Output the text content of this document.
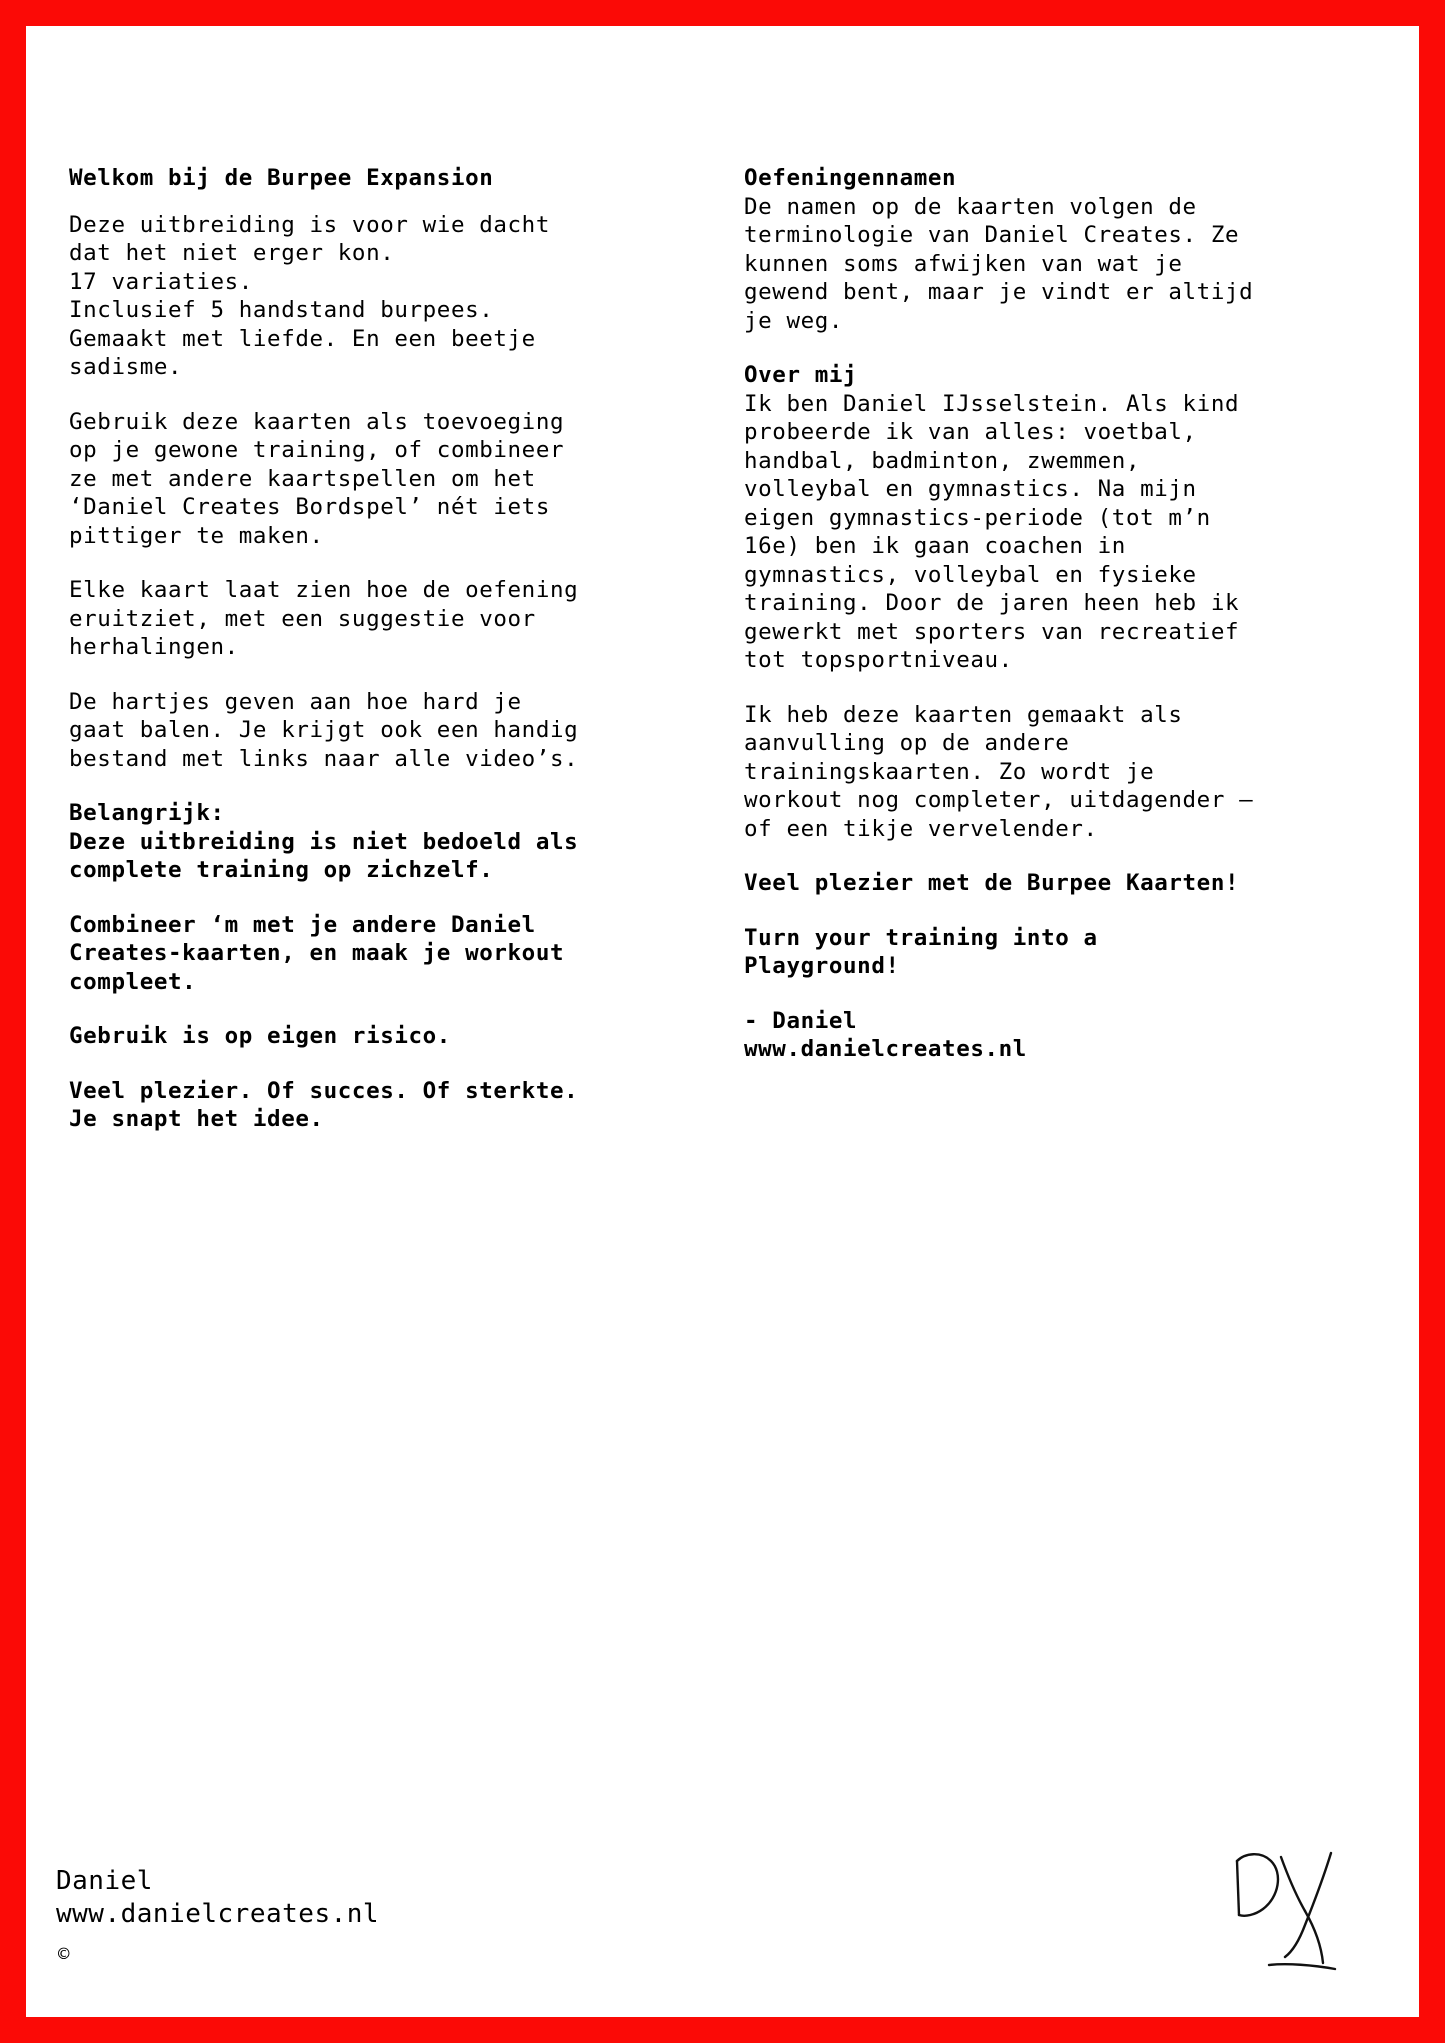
Welkom bij de Burpee Expansion

Deze uitbreiding is voor wie dacht

dat het niet erger kon.

17 variaties.

Inclusief 5 handstand burpees.

Gemaakt met liefde. En een beetje

sadisme.

Gebruik deze kaarten als toevoeging

op je gewone training, of combineer

ze met andere kaartspellen om het

‘Daniel Creates Bordspel’ nét iets

pittiger te maken.

Elke kaart laat zien hoe de oefening

eruitziet, met een suggestie voor

herhalingen.

De hartjes geven aan hoe hard je

gaat balen. Je krijgt ook een handig

bestand met links naar alle video’s.

Belangrijk:

Deze uitbreiding is niet bedoeld als

complete training op zichzelf.

Combineer ‘m met je andere Daniel

Creates-kaarten, en maak je workout

compleet.

Gebruik is op eigen risico.

Veel plezier. Of succes. Of sterkte.

Je snapt het idee.

Oefeningennamen

De namen op de kaarten volgen de

terminologie van Daniel Creates. Ze

kunnen soms afwijken van wat je

gewend bent, maar je vindt er altijd

je weg.

Over mij

Ik ben Daniel IJsselstein. Als kind

probeerde ik van alles: voetbal,

handbal, badminton, zwemmen,

volleybal en gymnastics. Na mijn

eigen gymnastics-periode (tot m’n

16e) ben ik gaan coachen in

gymnastics, volleybal en fysieke

training. Door de jaren heen heb ik

gewerkt met sporters van recreatief

tot topsportniveau.

Ik heb deze kaarten gemaakt als

aanvulling op de andere

trainingskaarten. Zo wordt je

workout nog completer, uitdagender —

of een tikje vervelender.

Veel plezier met de Burpee Kaarten!

Turn your training into a

Playground!

- Daniel

www.danielcreates.nl

Daniel

www.danielcreates.nl

©
